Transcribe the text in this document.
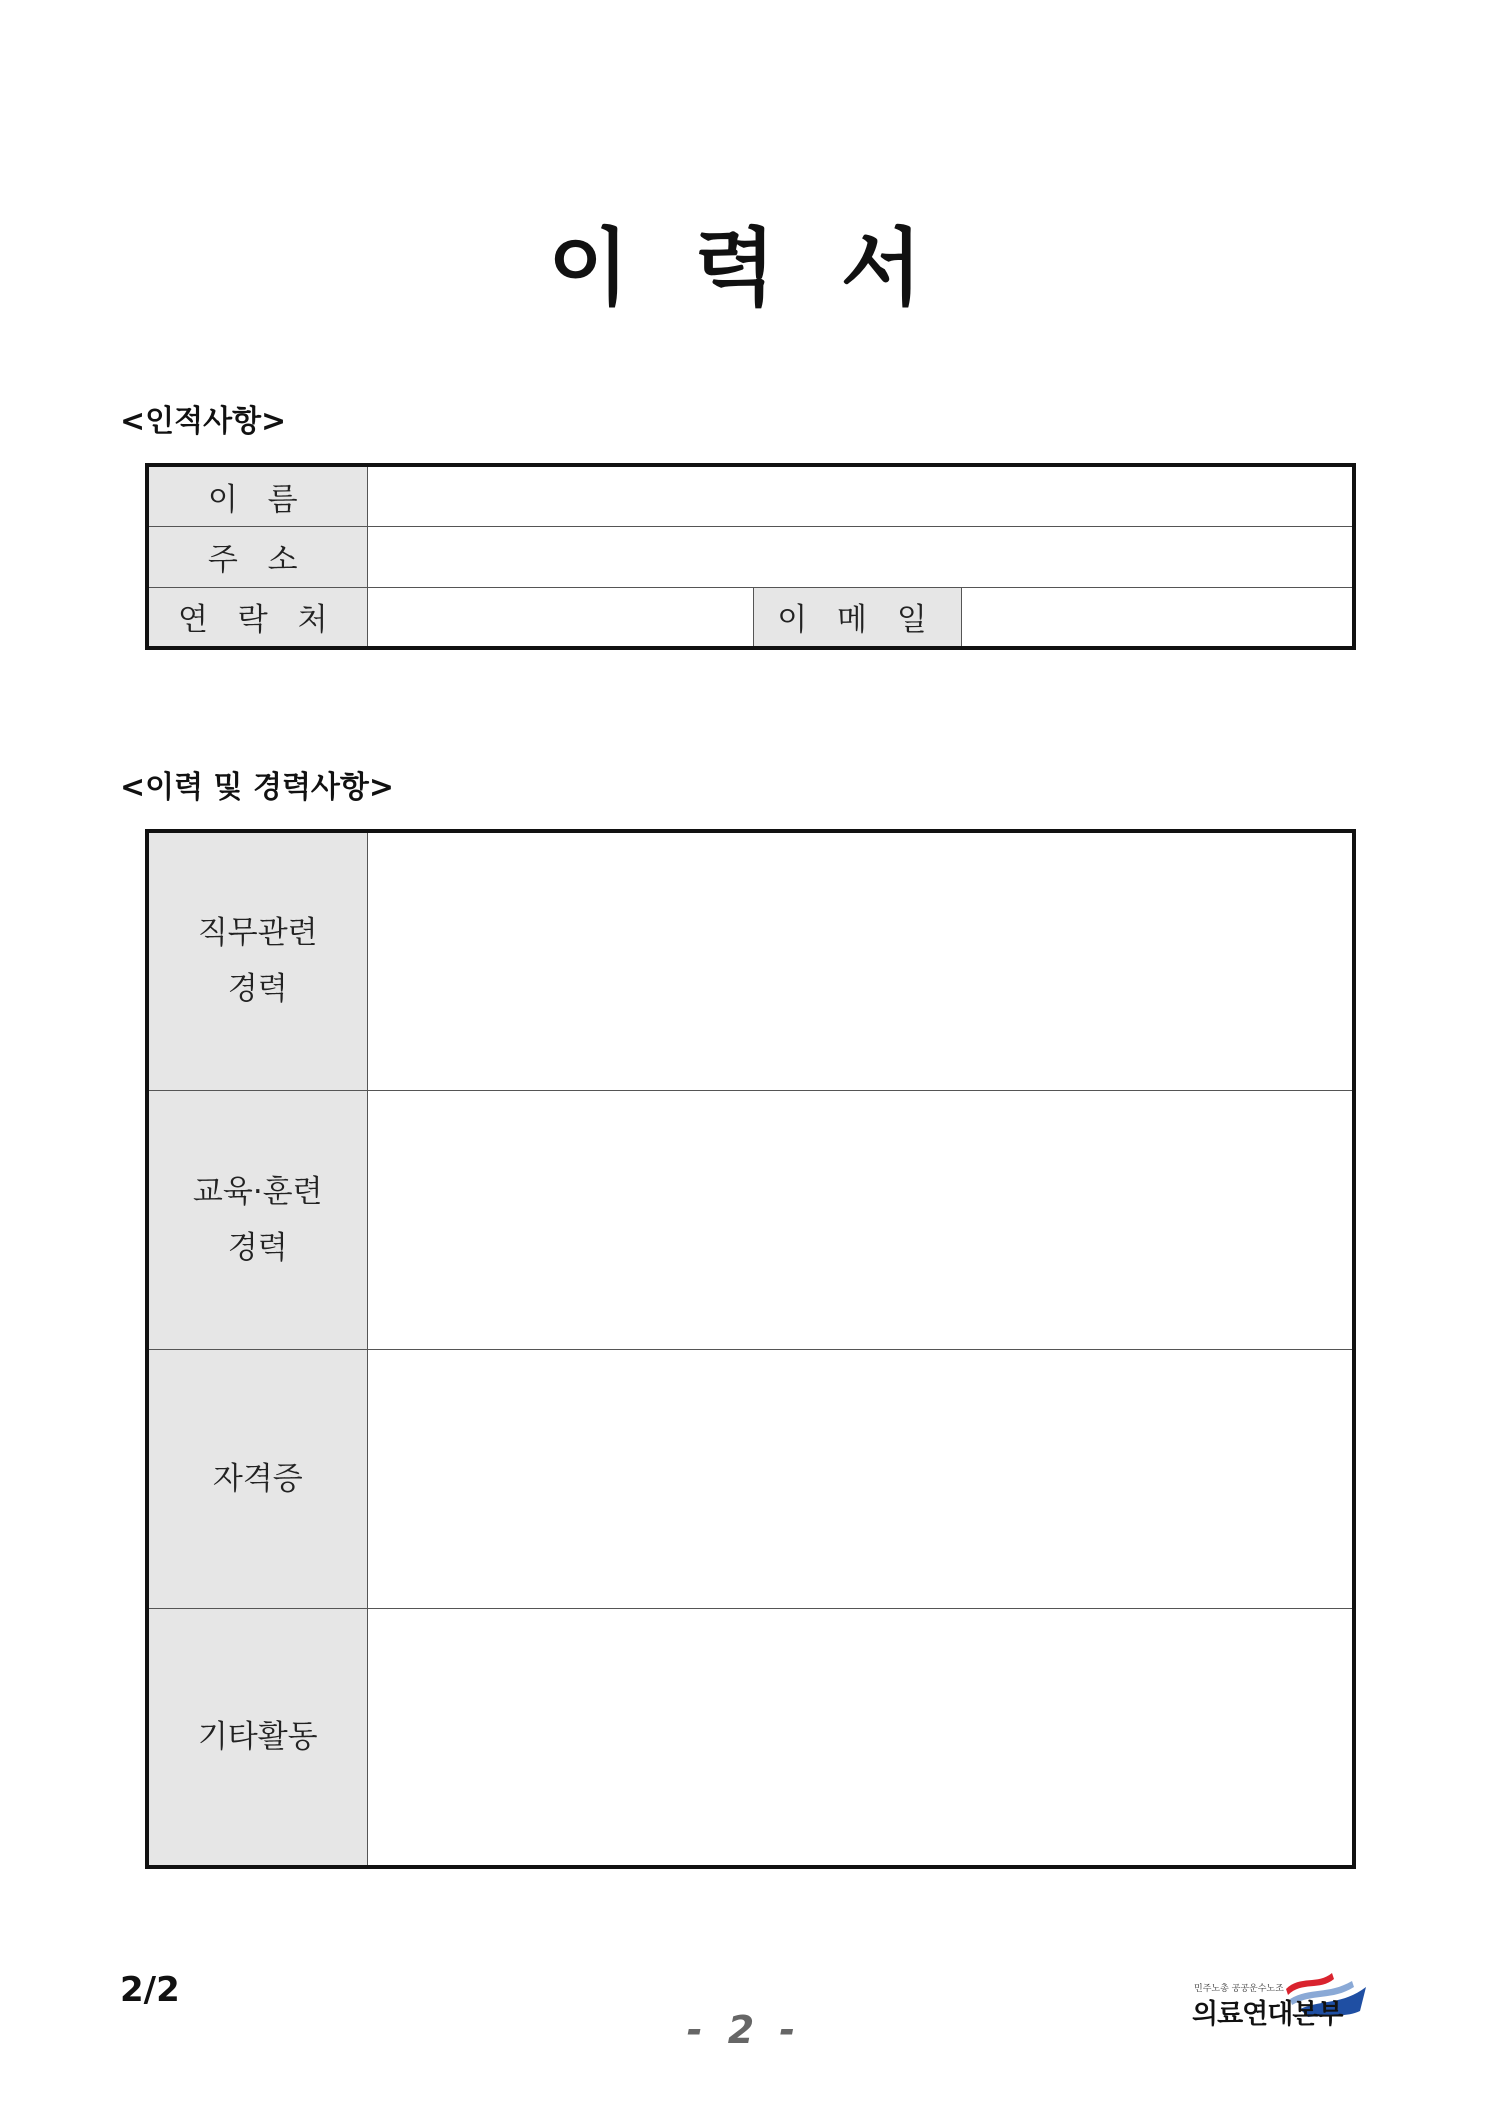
이 력 서
<인적사항>
이 름			
주 소			
연 락 처		이 메 일	
<이력 및 경력사항>
직무관련
경력	

교육·훈련
경력	

자격증	

기타활동	

2/2
- 2 -
민주노총 공공운수노조
의료연대본부
